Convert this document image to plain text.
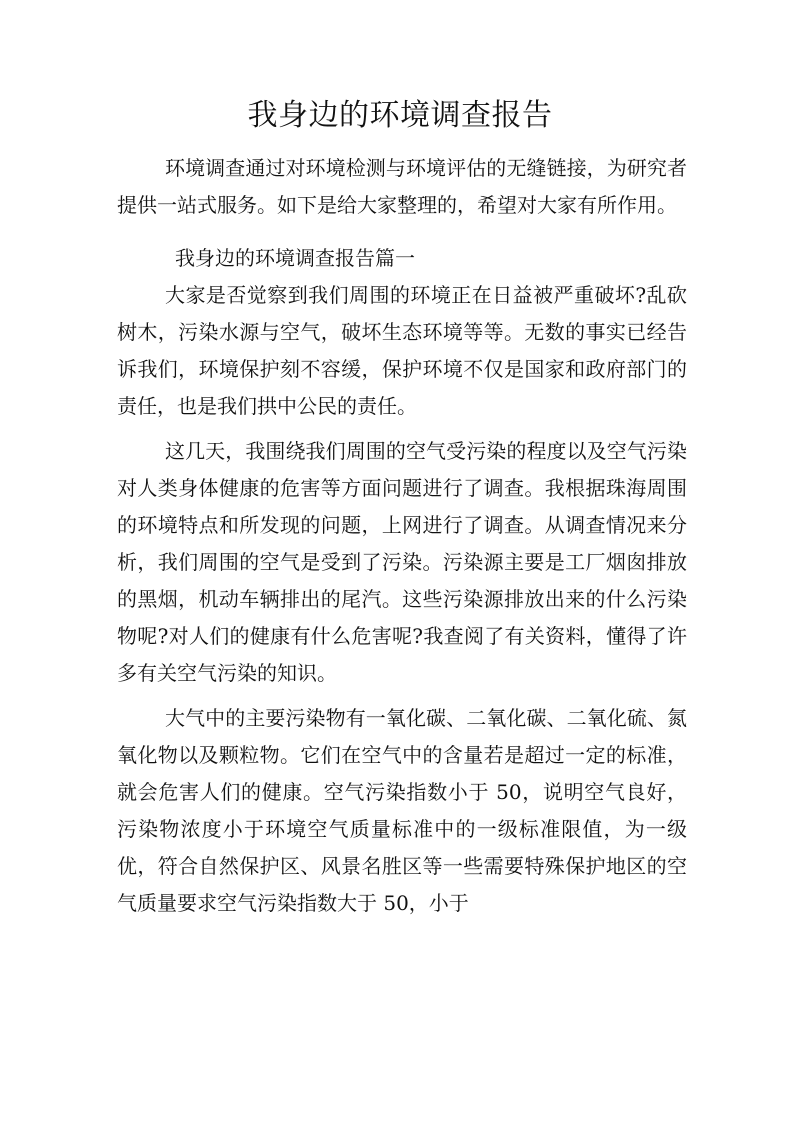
我身边的环境调查报告

环境调查通过对环境检测与环境评估的无缝链接，为研究者提供一站式服务。如下是给大家整理的，希望对大家有所作用。

我身边的环境调查报告篇一

大家是否觉察到我们周围的环境正在日益被严重破坏?乱砍树木，污染水源与空气，破坏生态环境等等。无数的事实已经告诉我们，环境保护刻不容缓，保护环境不仅是国家和政府部门的责任，也是我们拱中公民的责任。

这几天，我围绕我们周围的空气受污染的程度以及空气污染对人类身体健康的危害等方面问题进行了调查。我根据珠海周围的环境特点和所发现的问题，上网进行了调查。从调查情况来分析，我们周围的空气是受到了污染。污染源主要是工厂烟囱排放的黑烟，机动车辆排出的尾汽。这些污染源排放出来的什么污染物呢?对人们的健康有什么危害呢?我查阅了有关资料，懂得了许多有关空气污染的知识。

大气中的主要污染物有一氧化碳、二氧化碳、二氧化硫、氮氧化物以及颗粒物。它们在空气中的含量若是超过一定的标准，就会危害人们的健康。空气污染指数小于 50，说明空气良好，污染物浓度小于环境空气质量标准中的一级标准限值，为一级优，符合自然保护区、风景名胜区等一些需要特殊保护地区的空气质量要求空气污染指数大于 50，小于
